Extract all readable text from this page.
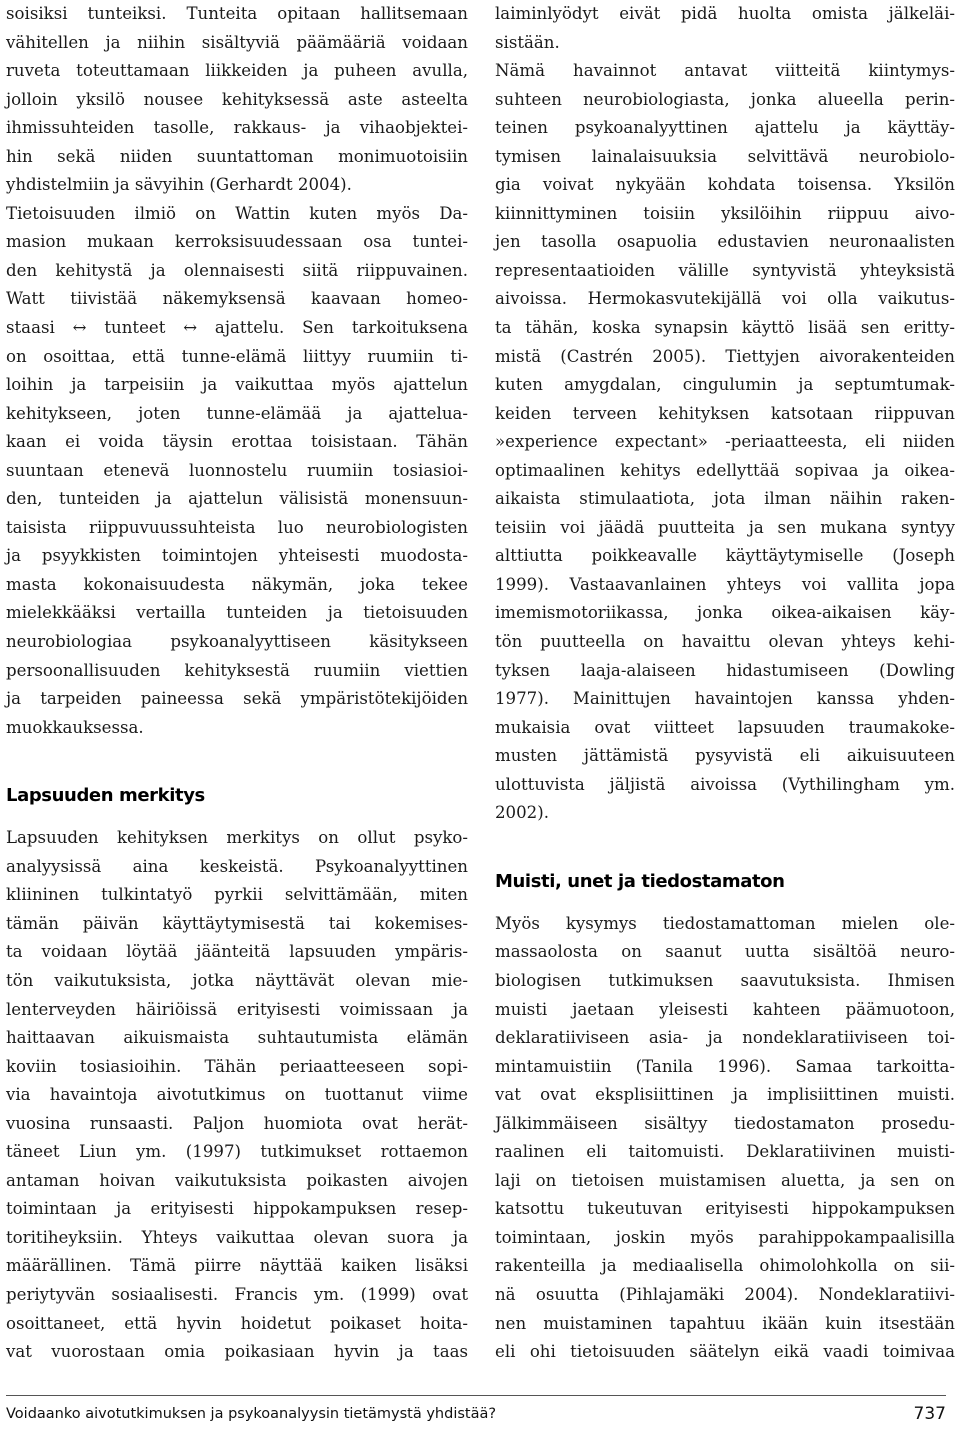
soisiksi tunteiksi. Tunteita opitaan hallitsemaan
vähitellen ja niihin sisältyviä päämääriä voidaan
ruveta toteuttamaan liikkeiden ja puheen avulla,
jolloin yksilö nousee kehityksessä aste asteelta
ihmissuhteiden tasolle, rakkaus- ja vihaobjektei-
hin sekä niiden suuntattoman monimuotoisiin
yhdistelmiin ja sävyihin (Gerhardt 2004).
Tietoisuuden ilmiö on Wattin kuten myös Da-
masion mukaan kerroksisuudessaan osa tuntei-
den kehitystä ja olennaisesti siitä riippuvainen.
Watt tiivistää näkemyksensä kaavaan homeo-
staasi ↔ tunteet ↔ ajattelu. Sen tarkoituksena
on osoittaa, että tunne-elämä liittyy ruumiin ti-
loihin ja tarpeisiin ja vaikuttaa myös ajattelun
kehitykseen, joten tunne-elämää ja ajattelua-
kaan ei voida täysin erottaa toisistaan. Tähän
suuntaan etenevä luonnostelu ruumiin tosiasioi-
den, tunteiden ja ajattelun välisistä monensuun-
taisista riippuvuussuhteista luo neurobiologisten
ja psyykkisten toimintojen yhteisesti muodosta-
masta kokonaisuudesta näkymän, joka tekee
mielekkääksi vertailla tunteiden ja tietoisuuden
neurobiologiaa psykoanalyyttiseen käsitykseen
persoonallisuuden kehityksestä ruumiin viettien
ja tarpeiden paineessa sekä ympäristötekijöiden
muokkauksessa.
Lapsuuden merkitys
Lapsuuden kehityksen merkitys on ollut psyko-
analyysissä aina keskeistä. Psykoanalyyttinen
kliininen tulkintatyö pyrkii selvittämään, miten
tämän päivän käyttäytymisestä tai kokemises-
ta voidaan löytää jäänteitä lapsuuden ympäris-
tön vaikutuksista, jotka näyttävät olevan mie-
lenterveyden häiriöissä erityisesti voimissaan ja
haittaavan aikuismaista suhtautumista elämän
koviin tosiasioihin. Tähän periaatteeseen sopi-
via havaintoja aivotutkimus on tuottanut viime
vuosina runsaasti. Paljon huomiota ovat herät-
täneet Liun ym. (1997) tutkimukset rottaemon
antaman hoivan vaikutuksista poikasten aivojen
toimintaan ja erityisesti hippokampuksen resep-
toritiheyksiin. Yhteys vaikuttaa olevan suora ja
määrällinen. Tämä piirre näyttää kaiken lisäksi
periytyvän sosiaalisesti. Francis ym. (1999) ovat
osoittaneet, että hyvin hoidetut poikaset hoita-
vat vuorostaan omia poikasiaan hyvin ja taas
laiminlyödyt eivät pidä huolta omista jälkeläi-
sistään.
Nämä havainnot antavat viitteitä kiintymys-
suhteen neurobiologiasta, jonka alueella perin-
teinen psykoanalyyttinen ajattelu ja käyttäy-
tymisen lainalaisuuksia selvittävä neurobiolo-
gia voivat nykyään kohdata toisensa. Yksilön
kiinnittyminen toisiin yksilöihin riippuu aivo-
jen tasolla osapuolia edustavien neuronaalisten
representaatioiden välille syntyvistä yhteyksistä
aivoissa. Hermokasvutekijällä voi olla vaikutus-
ta tähän, koska synapsin käyttö lisää sen eritty-
mistä (Castrén 2005). Tiettyjen aivorakenteiden
kuten amygdalan, cingulumin ja septumtumak-
keiden terveen kehityksen katsotaan riippuvan
»experience expectant» -periaatteesta, eli niiden
optimaalinen kehitys edellyttää sopivaa ja oikea-
aikaista stimulaatiota, jota ilman näihin raken-
teisiin voi jäädä puutteita ja sen mukana syntyy
alttiutta poikkeavalle käyttäytymiselle (Joseph
1999). Vastaavanlainen yhteys voi vallita jopa
imemismotoriikassa, jonka oikea-aikaisen käy-
tön puutteella on havaittu olevan yhteys kehi-
tyksen laaja-alaiseen hidastumiseen (Dowling
1977). Mainittujen havaintojen kanssa yhden-
mukaisia ovat viitteet lapsuuden traumakoke-
musten jättämistä pysyvistä eli aikuisuuteen
ulottuvista jäljistä aivoissa (Vythilingham ym.
2002).
Muisti, unet ja tiedostamaton
Myös kysymys tiedostamattoman mielen ole-
massaolosta on saanut uutta sisältöä neuro-
biologisen tutkimuksen saavutuksista. Ihmisen
muisti jaetaan yleisesti kahteen päämuotoon,
deklaratiiviseen asia- ja nondeklaratiiviseen toi-
mintamuistiin (Tanila 1996). Samaa tarkoitta-
vat ovat eksplisiittinen ja implisiittinen muisti.
Jälkimmäiseen sisältyy tiedostamaton prosedu-
raalinen eli taitomuisti. Deklaratiivinen muisti-
laji on tietoisen muistamisen aluetta, ja sen on
katsottu tukeutuvan erityisesti hippokampuksen
toimintaan, joskin myös parahippokampaalisilla
rakenteilla ja mediaalisella ohimolohkolla on sii-
nä osuutta (Pihlajamäki 2004). Nondeklaratiivi-
nen muistaminen tapahtuu ikään kuin itsestään
eli ohi tietoisuuden säätelyn eikä vaadi toimivaa
Voidaanko aivotutkimuksen ja psykoanalyysin tietämystä yhdistää?	737
